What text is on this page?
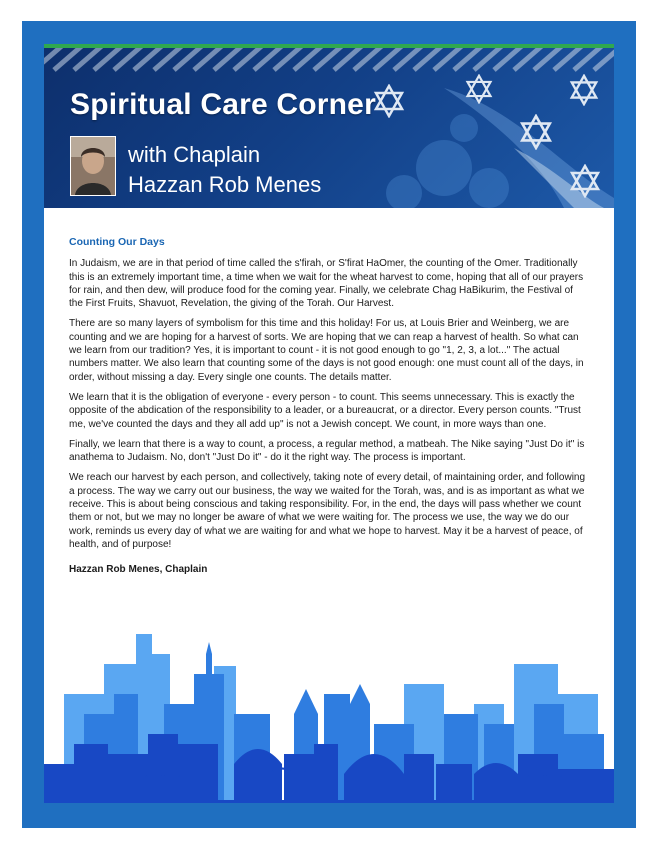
Spiritual Care Corner
with Chaplain
Hazzan Rob Menes
Counting Our Days

In Judaism, we are in that period of time called the s'firah, or S'firat HaOmer, the counting of the Omer. Traditionally this is an extremely important time, a time when we wait for the wheat harvest to come, hoping that all of our prayers for rain, and then dew, will produce food for the coming year. Finally, we celebrate Chag HaBikurim, the Festival of the First Fruits, Shavuot, Revelation, the giving of the Torah. Our Harvest.

There are so many layers of symbolism for this time and this holiday! For us, at Louis Brier and Weinberg, we are counting and we are hoping for a harvest of sorts. We are hoping that we can reap a harvest of health. So what can we learn from our tradition? Yes, it is important to count - it is not good enough to go "1, 2, 3, a lot..." The actual numbers matter. We also learn that counting some of the days is not good enough: one must count all of the days, in order, without missing a day. Every single one counts. The details matter.

We learn that it is the obligation of everyone - every person - to count. This seems unnecessary. This is exactly the opposite of the abdication of the responsibility to a leader, or a bureaucrat, or a director. Every person counts. "Trust me, we've counted the days and they all add up" is not a Jewish concept. We count, in more ways than one.

Finally, we learn that there is a way to count, a process, a regular method, a matbeah. The Nike saying "Just Do it" is anathema to Judaism. No, don't "Just Do it" - do it the right way. The process is important.

We reach our harvest by each person, and collectively, taking note of every detail, of maintaining order, and following a process. The way we carry out our business, the way we waited for the Torah, was, and is as important as what we receive. This is about being conscious and taking responsibility. For, in the end, the days will pass whether we count them or not, but we may no longer be aware of what we were waiting for. The process we use, the way we do our work, reminds us every day of what we are waiting for and what we hope to harvest. May it be a harvest of peace, of health, and of purpose!

Hazzan Rob Menes, Chaplain
